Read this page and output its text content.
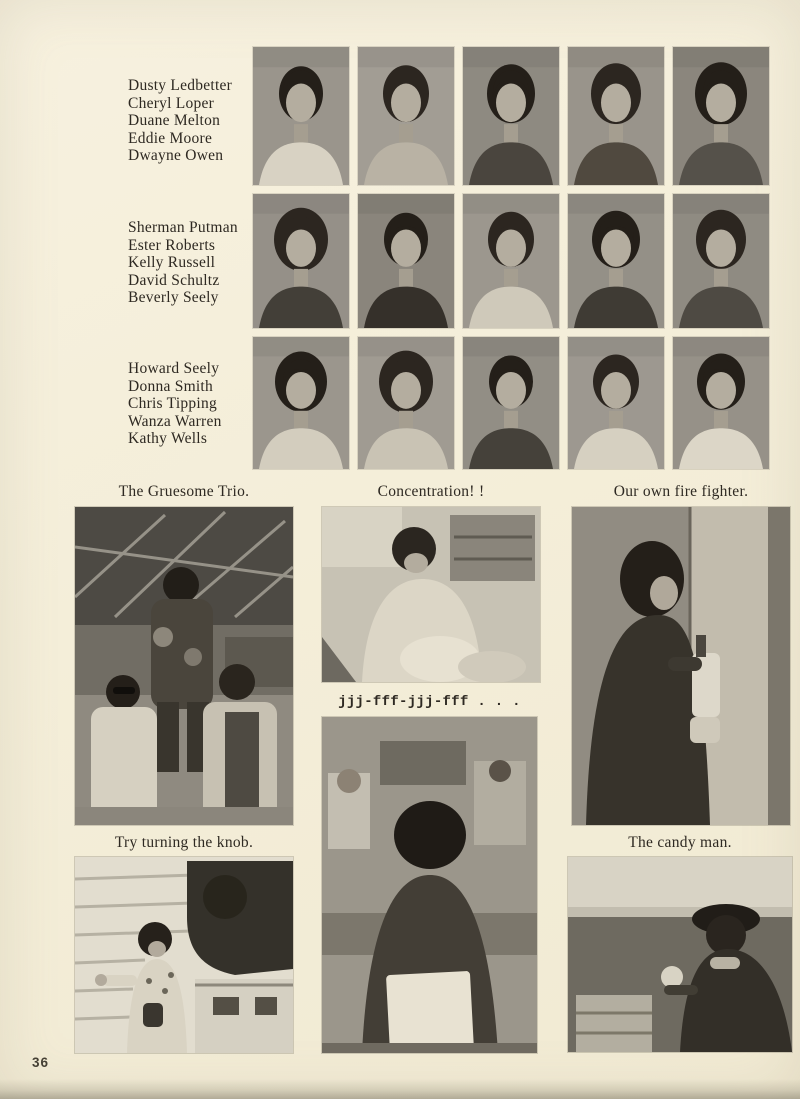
Dusty Ledbetter
Cheryl Loper
Duane Melton
Eddie Moore
Dwayne Owen
Sherman Putman
Ester Roberts
Kelly Russell
David Schultz
Beverly Seely
Howard Seely
Donna Smith
Chris Tipping
Wanza Warren
Kathy Wells
The Gruesome Trio.	Concentration! !	Our own fire fighter.
jjj-fff-jjj-fff . . .
Try turning the knob.	The candy man.
36
